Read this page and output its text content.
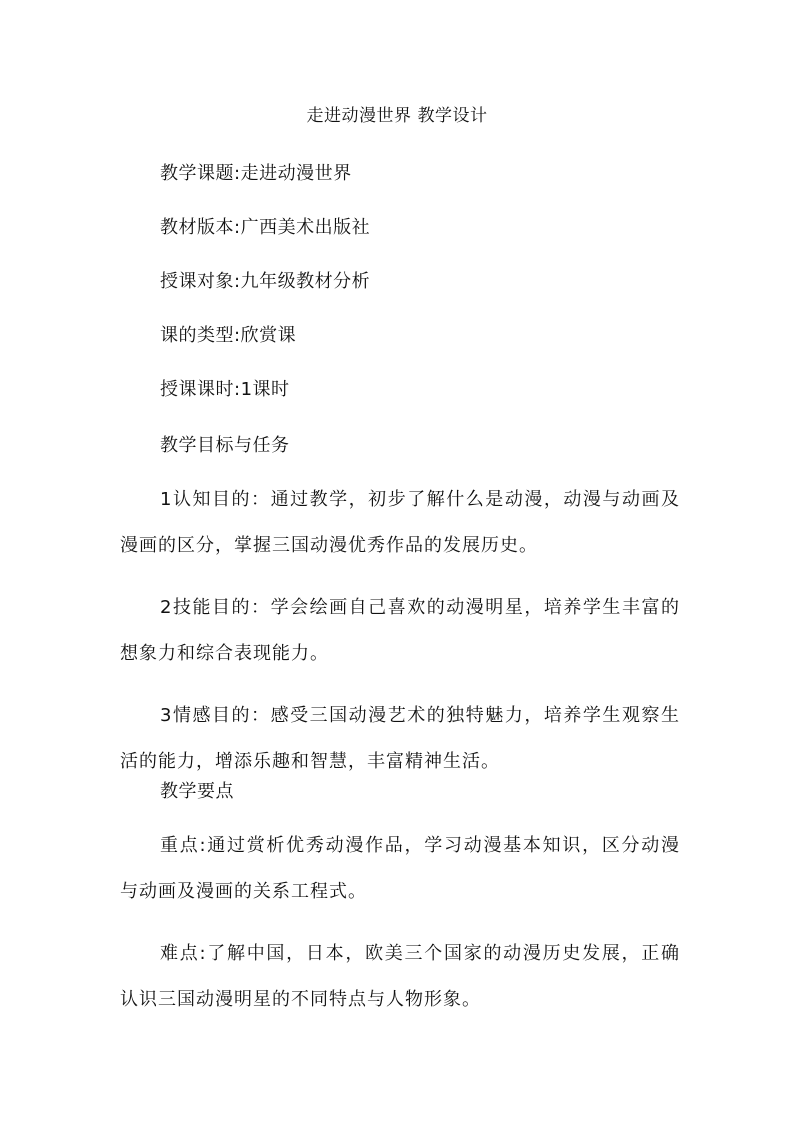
走进动漫世界 教学设计
教学课题:走进动漫世界
教材版本:广西美术出版社
授课对象:九年级教材分析
课的类型:欣赏课
授课课时:1课时
教学目标与任务
1认知目的：通过教学，初步了解什么是动漫，动漫与动画及漫画的区分，掌握三国动漫优秀作品的发展历史。
2技能目的：学会绘画自己喜欢的动漫明星，培养学生丰富的想象力和综合表现能力。
3情感目的：感受三国动漫艺术的独特魅力，培养学生观察生活的能力，增添乐趣和智慧，丰富精神生活。
教学要点
重点:通过赏析优秀动漫作品，学习动漫基本知识，区分动漫与动画及漫画的关系工程式。
难点:了解中国，日本，欧美三个国家的动漫历史发展，正确认识三国动漫明星的不同特点与人物形象。
